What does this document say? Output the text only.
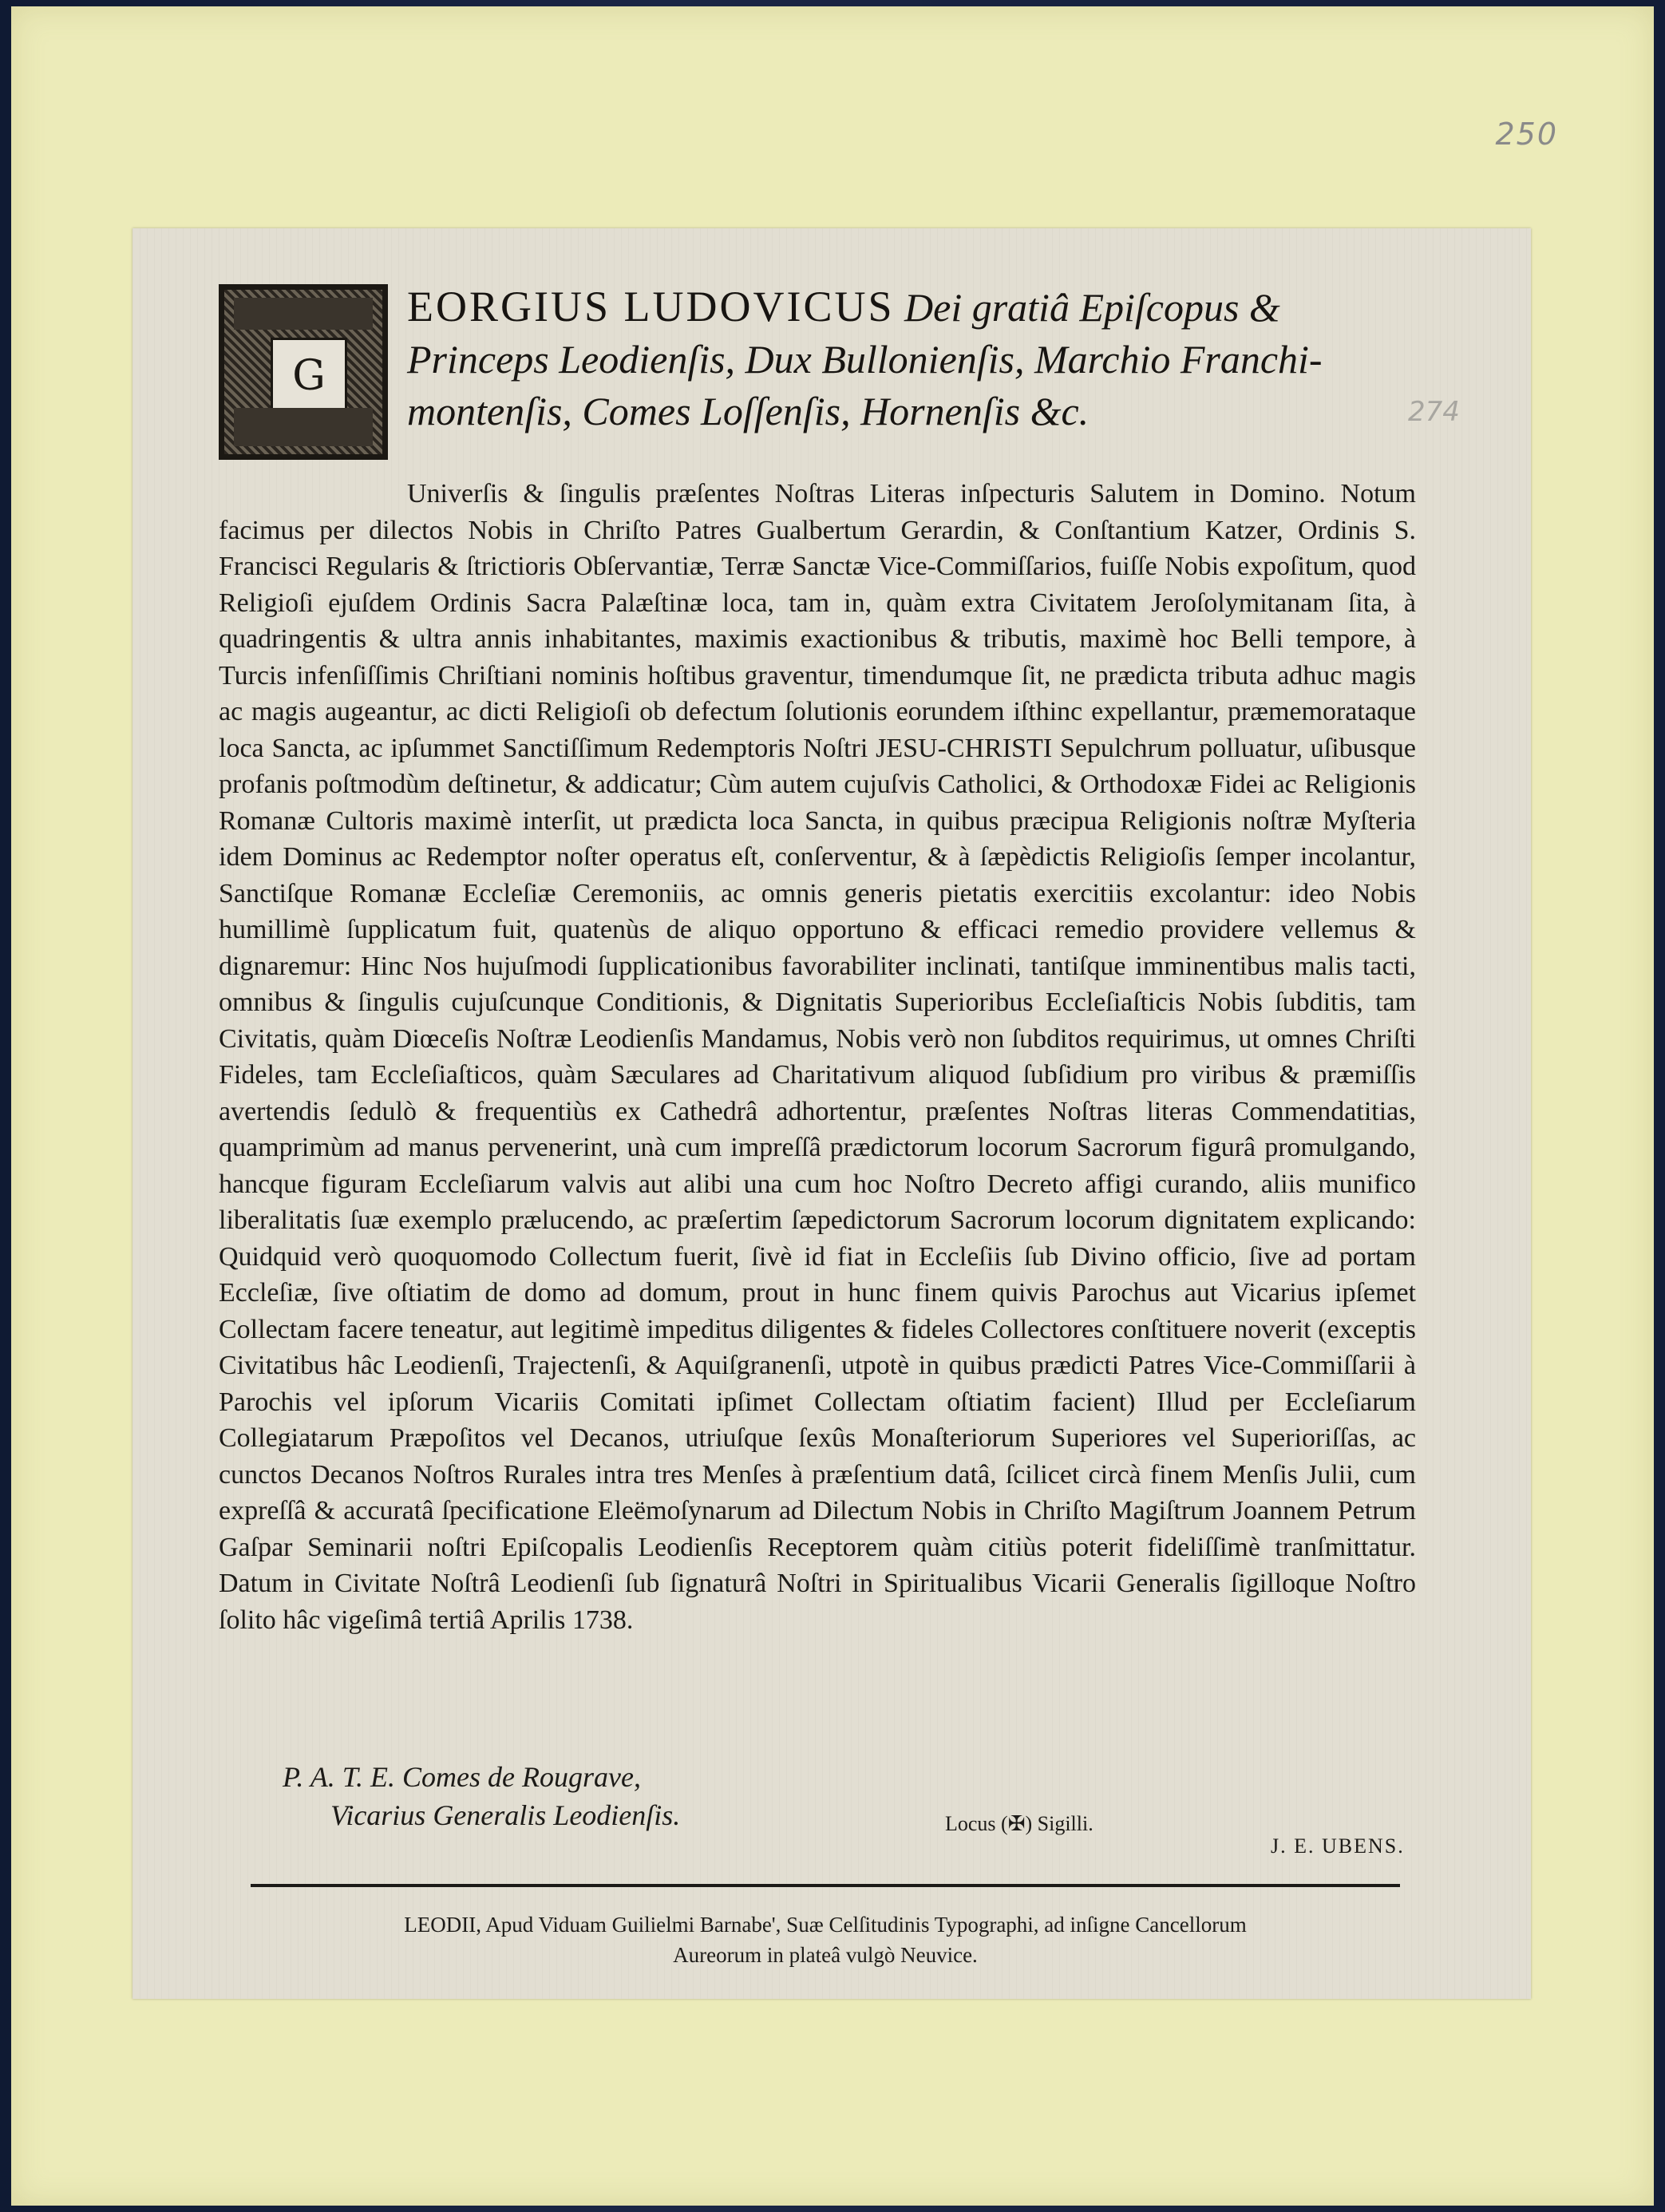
250
G
EORGIUS LUDOVICUS Dei gratiâ Epiſcopus &
Princeps Leodienſis, Dux Bullonienſis, Marchio Franchi-
montenſis, Comes Loſſenſis, Hornenſis &c.	274
Univerſis & ſingulis præſentes Noſtras Literas inſpecturis Salutem in Domino. Notum facimus per dilectos Nobis in Chriſto Patres Gualbertum Gerardin, & Conſtantium Katzer, Ordinis S. Francisci Regularis & ſtrictioris Obſervantiæ, Terræ Sanctæ Vice-Commiſſarios, fuiſſe Nobis expoſitum, quod Religioſi ejuſdem Ordinis Sacra Palæſtinæ loca, tam in, quàm extra Civitatem Jeroſolymitanam ſita, à quadringentis & ultra annis inhabitantes, maximis exactionibus & tributis, maximè hoc Belli tempore, à Turcis infenſiſſimis Chriſtiani nominis hoſtibus graventur, timendumque ſit, ne prædicta tributa adhuc magis ac magis augeantur, ac dicti Religioſi ob defectum ſolutionis eorundem iſthinc expellantur, præmemorataque loca Sancta, ac ipſummet Sanctiſſimum Redemptoris Noſtri JESU-CHRISTI Sepulchrum polluatur, uſibusque profanis poſtmodùm deſtinetur, & addicatur; Cùm autem cujuſvis Catholici, & Orthodoxæ Fidei ac Religionis Romanæ Cultoris maximè interſit, ut prædicta loca Sancta, in quibus præcipua Religionis noſtræ Myſteria idem Dominus ac Redemptor noſter operatus eſt, conſerventur, & à ſæpèdictis Religioſis ſemper incolantur, Sanctiſque Romanæ Eccleſiæ Ceremoniis, ac omnis generis pietatis exercitiis excolantur: ideo Nobis humillimè ſupplicatum fuit, quatenùs de aliquo opportuno & efficaci remedio providere vellemus & dignaremur: Hinc Nos hujuſmodi ſupplicationibus favorabiliter inclinati, tantiſque imminentibus malis tacti, omnibus & ſingulis cujuſcunque Conditionis, & Dignitatis Superioribus Eccleſiaſticis Nobis ſubditis, tam Civitatis, quàm Diœceſis Noſtræ Leodienſis Mandamus, Nobis verò non ſubditos requirimus, ut omnes Chriſti Fideles, tam Eccleſiaſticos, quàm Sæculares ad Charitativum aliquod ſubſidium pro viribus & præmiſſis avertendis ſedulò & frequentiùs ex Cathedrâ adhortentur, præſentes Noſtras literas Commendatitias, quamprimùm ad manus pervenerint, unà cum impreſſâ prædictorum locorum Sacrorum figurâ promulgando, hancque figuram Eccleſiarum valvis aut alibi una cum hoc Noſtro Decreto affigi curando, aliis munifico liberalitatis ſuæ exemplo prælucendo, ac præſertim ſæpedictorum Sacrorum locorum dignitatem explicando: Quidquid verò quoquomodo Collectum fuerit, ſivè id fiat in Eccleſiis ſub Divino officio, ſive ad portam Eccleſiæ, ſive oſtiatim de domo ad domum, prout in hunc finem quivis Parochus aut Vicarius ipſemet Collectam facere teneatur, aut legitimè impeditus diligentes & fideles Collectores conſtituere noverit (exceptis Civitatibus hâc Leodienſi, Trajectenſi, & Aquiſgranenſi, utpotè in quibus prædicti Patres Vice-Commiſſarii à Parochis vel ipſorum Vicariis Comitati ipſimet Collectam oſtiatim facient) Illud per Eccleſiarum Collegiatarum Præpoſitos vel Decanos, utriuſque ſexûs Monaſteriorum Superiores vel Superioriſſas, ac cunctos Decanos Noſtros Rurales intra tres Menſes à præſentium datâ, ſcilicet circà finem Menſis Julii, cum expreſſâ & accuratâ ſpecificatione Eleëmoſynarum ad Dilectum Nobis in Chriſto Magiſtrum Joannem Petrum Gaſpar Seminarii noſtri Epiſcopalis Leodienſis Receptorem quàm citiùs poterit fideliſſimè tranſmittatur. Datum in Civitate Noſtrâ Leodienſi ſub ſignaturâ Noſtri in Spiritualibus Vicarii Generalis ſigilloque Noſtro ſolito hâc vigeſimâ tertiâ Aprilis 1738.
P. A. T. E. Comes de Rougrave,
Vicarius Generalis Leodienſis.	Locus (✠) Sigilli.
J. E. UBENS.
LEODII, Apud Viduam Guilielmi Barnabe', Suæ Celſitudinis Typographi, ad inſigne Cancellorum
Aureorum in plateâ vulgò Neuvice.
